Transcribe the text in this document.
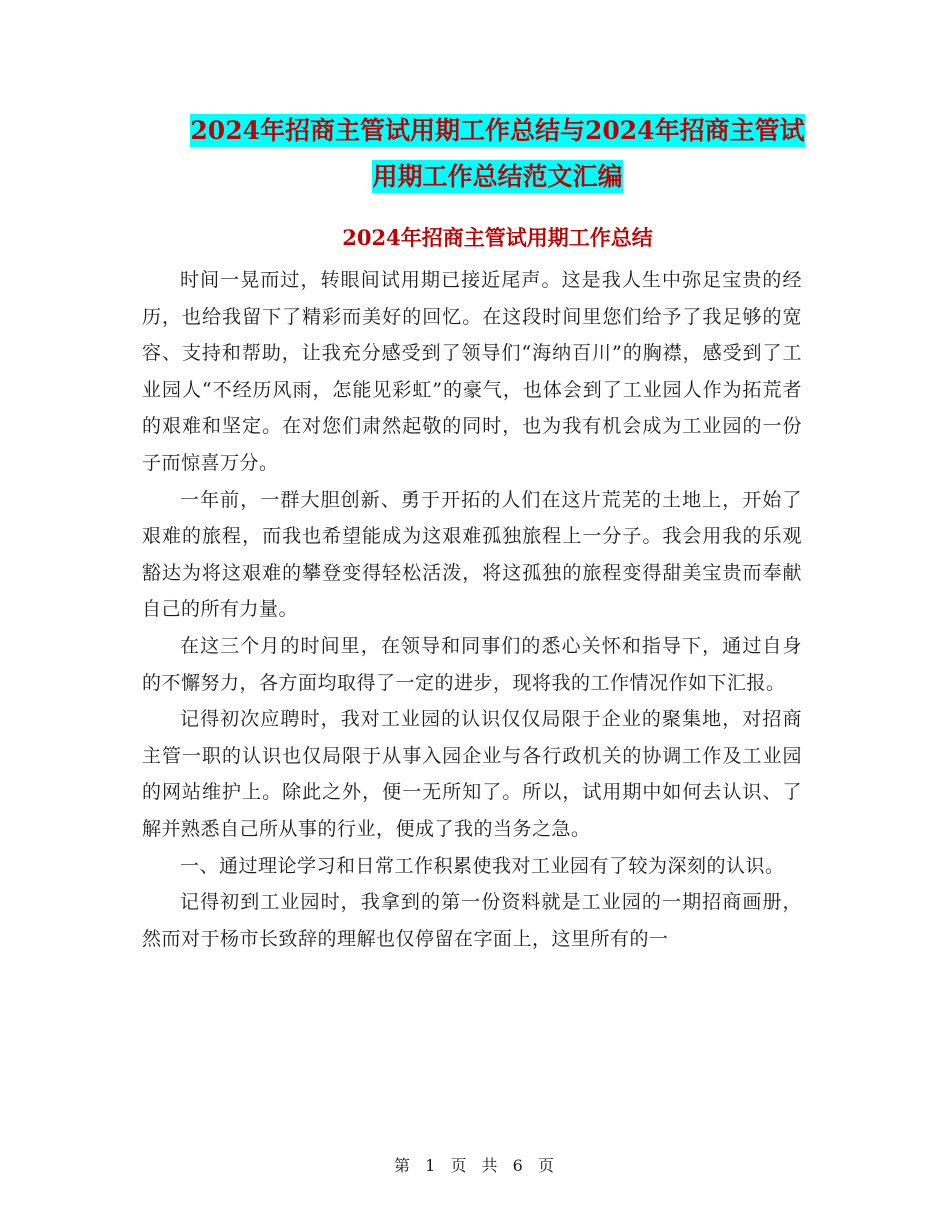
2024年招商主管试用期工作总结与2024年招商主管试
用期工作总结范文汇编
2024年招商主管试用期工作总结

时间一晃而过，转眼间试用期已接近尾声。这是我人生中弥足宝贵的经历，也给我留下了精彩而美好的回忆。在这段时间里您们给予了我足够的宽容、支持和帮助，让我充分感受到了领导们“海纳百川”的胸襟，感受到了工业园人“不经历风雨，怎能见彩虹”的豪气，也体会到了工业园人作为拓荒者的艰难和坚定。在对您们肃然起敬的同时，也为我有机会成为工业园的一份子而惊喜万分。

一年前，一群大胆创新、勇于开拓的人们在这片荒芜的土地上，开始了艰难的旅程，而我也希望能成为这艰难孤独旅程上一分子。我会用我的乐观豁达为将这艰难的攀登变得轻松活泼，将这孤独的旅程变得甜美宝贵而奉献自己的所有力量。

在这三个月的时间里，在领导和同事们的悉心关怀和指导下，通过自身的不懈努力，各方面均取得了一定的进步，现将我的工作情况作如下汇报。

记得初次应聘时，我对工业园的认识仅仅局限于企业的聚集地，对招商主管一职的认识也仅局限于从事入园企业与各行政机关的协调工作及工业园的网站维护上。除此之外，便一无所知了。所以，试用期中如何去认识、了解并熟悉自己所从事的行业，便成了我的当务之急。

一、通过理论学习和日常工作积累使我对工业园有了较为深刻的认识。

记得初到工业园时，我拿到的第一份资料就是工业园的一期招商画册，然而对于杨市长致辞的理解也仅停留在字面上，这里所有的一

第 1 页 共 6 页
